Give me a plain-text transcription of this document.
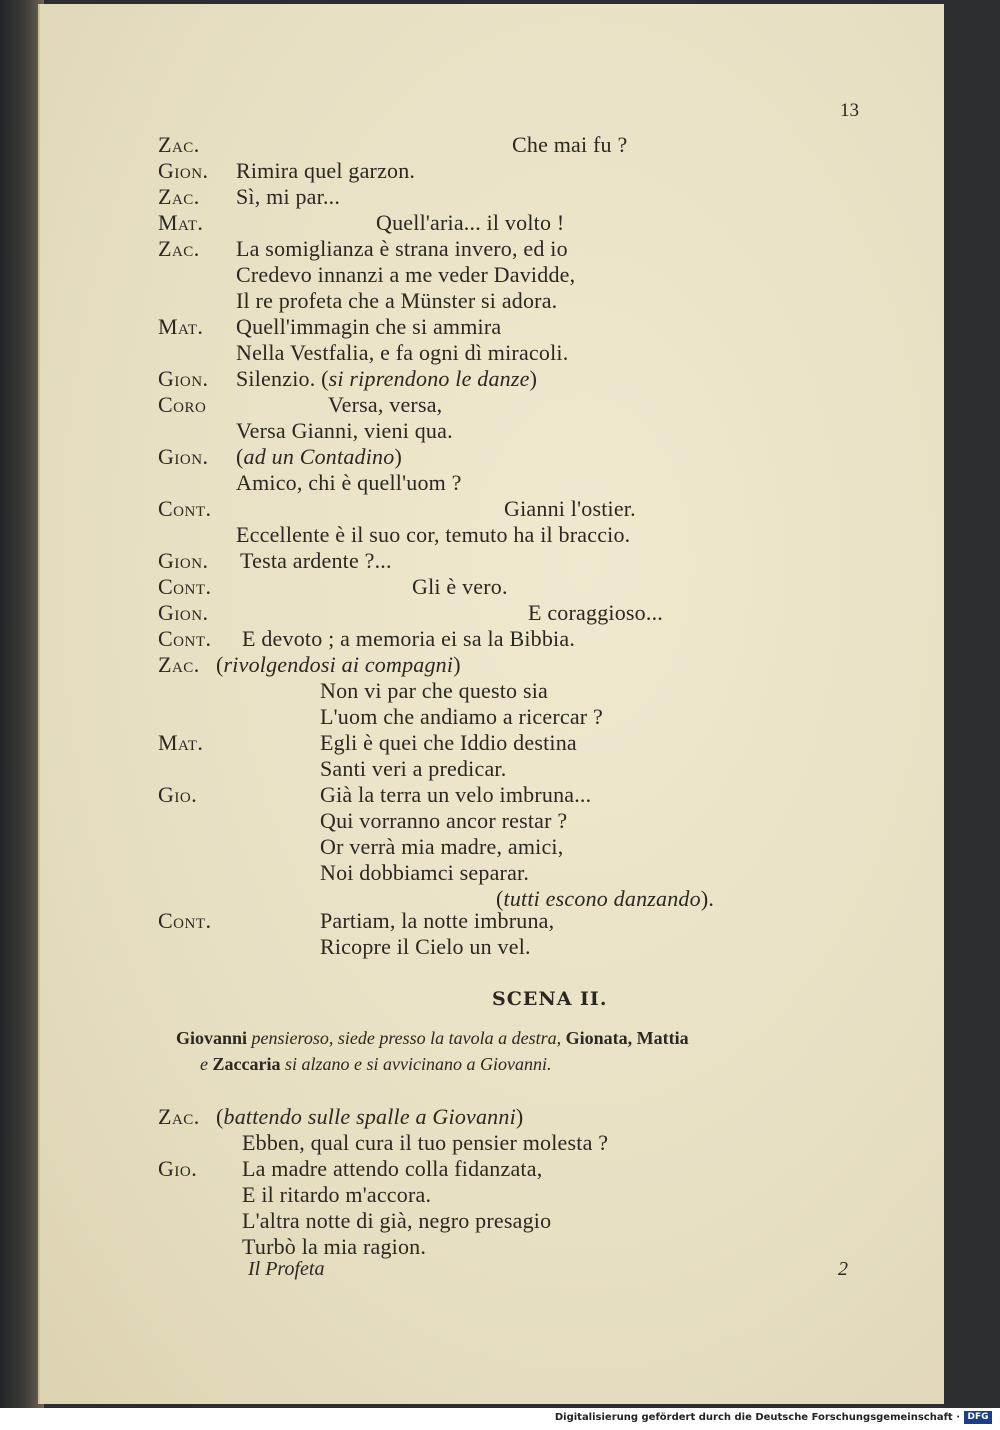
13
Zac.	Che mai fu ?
Gion. Rimira quel garzon.
Zac. Sì, mi par...
Mat.	Quell'aria... il volto !
Zac. La somiglianza è strana invero, ed io
Credevo innanzi a me veder Davidde,
Il re profeta che a Münster si adora.
Mat. Quell'immagin che si ammira
Nella Vestfalia, e fa ogni dì miracoli.
Gion. Silenzio. (si riprendono le danze)
Coro	Versa, versa,
Versa Gianni, vieni qua.
Gion. (ad un Contadino)
Amico, chi è quell'uom ?
Cont.	Gianni l'ostier.
Eccellente è il suo cor, temuto ha il braccio.
Gion. Testa ardente ?...
Cont.	Gli è vero.
Gion.	E coraggioso...
Cont. E devoto ; a memoria ei sa la Bibbia.
Zac. (rivolgendosi ai compagni)
Non vi par che questo sia
L'uom che andiamo a ricercar ?
Mat.	Egli è quei che Iddio destina
Santi veri a predicar.
Gio.	Già la terra un velo imbruna...
Qui vorranno ancor restar ?
Or verrà mia madre, amici,
Noi dobbiamci separar.
(tutti escono danzando).
Cont.	Partiam, la notte imbruna,
Ricopre il Cielo un vel.
SCENA II.
Giovanni pensieroso, siede presso la tavola a destra, Gionata, Mattia
e Zaccaria si alzano e si avvicinano a Giovanni.
Zac. (battendo sulle spalle a Giovanni)
Ebben, qual cura il tuo pensier molesta ?
Gio. La madre attendo colla fidanzata,
E il ritardo m'accora.
L'altra notte di già, negro presagio
Turbò la mia ragion.
Il Profeta	2
Digitalisierung gefördert durch die Deutsche Forschungsgemeinschaft · DFG
